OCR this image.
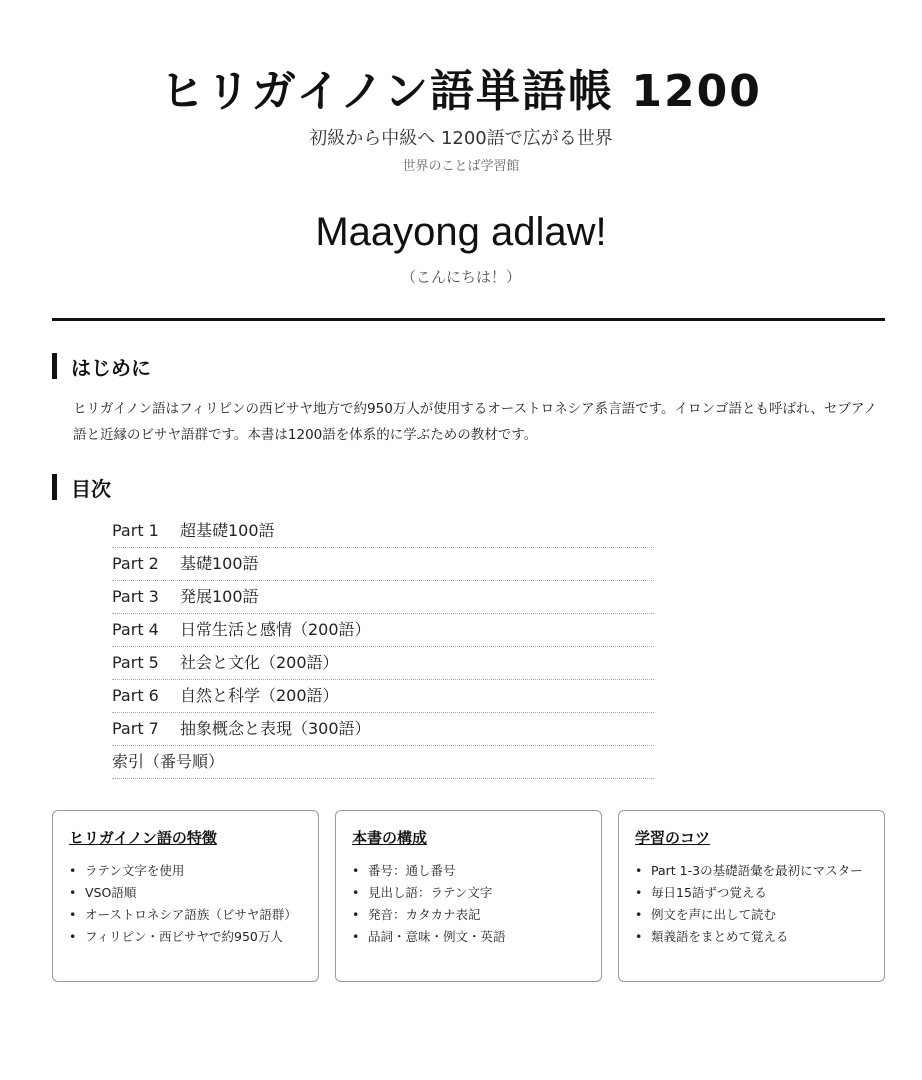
ヒリガイノン語単語帳 1200
初級から中級へ 1200語で広がる世界
世界のことば学習館
Maayong adlaw!
（こんにちは！）
はじめに
ヒリガイノン語はフィリピンの西ビサヤ地方で約950万人が使用するオーストロネシア系言語です。イロンゴ語とも呼ばれ、セブアノ語と近縁のビサヤ語群です。本書は1200語を体系的に学ぶための教材です。
目次
Part 1 超基礎100語
Part 2 基礎100語
Part 3 発展100語
Part 4 日常生活と感情（200語）
Part 5 社会と文化（200語）
Part 6 自然と科学（200語）
Part 7 抽象概念と表現（300語）
索引（番号順）
ヒリガイノン語の特徴
• ラテン文字を使用
• VSO語順
• オーストロネシア語族（ビサヤ語群）
• フィリピン・西ビサヤで約950万人
本書の構成
• 番号：通し番号
• 見出し語：ラテン文字
• 発音：カタカナ表記
• 品詞・意味・例文・英語
学習のコツ
• Part 1-3の基礎語彙を最初にマスター
• 毎日15語ずつ覚える
• 例文を声に出して読む
• 類義語をまとめて覚える
